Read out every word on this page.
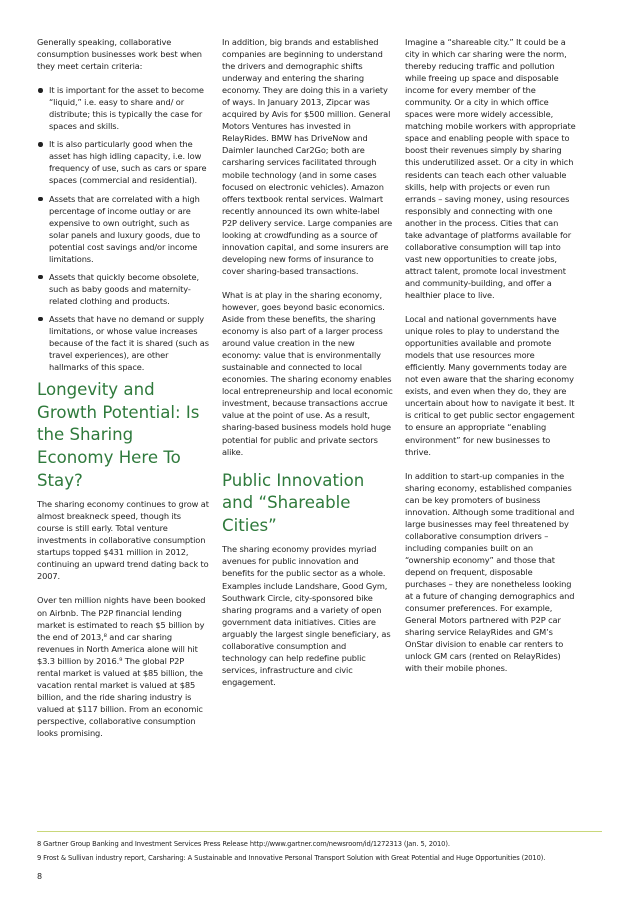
Generally speaking, collaborative consumption businesses work best when they meet certain criteria:

It is important for the asset to become “liquid,” i.e. easy to share and/ or distribute; this is typically the case for spaces and skills.
It is also particularly good when the asset has high idling capacity, i.e. low frequency of use, such as cars or spare spaces (commercial and residential).
Assets that are correlated with a high percentage of income outlay or are expensive to own outright, such as solar panels and luxury goods, due to potential cost savings and/or income limitations.
Assets that quickly become obsolete, such as baby goods and maternity-related clothing and products.
Assets that have no demand or supply limitations, or whose value increases because of the fact it is shared (such as travel experiences), are other hallmarks of this space.
Longevity and Growth Potential: Is the Sharing Economy Here To Stay?

The sharing economy continues to grow at almost breakneck speed, though its course is still early. Total venture investments in collaborative consumption startups topped $431 million in 2012, continuing an upward trend dating back to 2007.

Over ten million nights have been booked on Airbnb. The P2P financial lending market is estimated to reach $5 billion by the end of 2013,⁸ and car sharing revenues in North America alone will hit $3.3 billion by 2016.⁹ The global P2P rental market is valued at $85 billion, the vacation rental market is valued at $85 billion, and the ride sharing industry is valued at $117 billion. From an economic perspective, collaborative consumption looks promising.

In addition, big brands and established companies are beginning to understand the drivers and demographic shifts underway and entering the sharing economy. They are doing this in a variety of ways. In January 2013, Zipcar was acquired by Avis for $500 million. General Motors Ventures has invested in RelayRides. BMW has DriveNow and Daimler launched Car2Go; both are carsharing services facilitated through mobile technology (and in some cases focused on electronic vehicles). Amazon offers textbook rental services. Walmart recently announced its own white-label P2P delivery service. Large companies are looking at crowdfunding as a source of innovation capital, and some insurers are developing new forms of insurance to cover sharing-based transactions.

What is at play in the sharing economy, however, goes beyond basic economics. Aside from these benefits, the sharing economy is also part of a larger process around value creation in the new economy: value that is environmentally sustainable and connected to local economies. The sharing economy enables local entrepreneurship and local economic investment, because transactions accrue value at the point of use. As a result, sharing-based business models hold huge potential for public and private sectors alike.

Public Innovation and “Shareable Cities”

The sharing economy provides myriad avenues for public innovation and benefits for the public sector as a whole. Examples include Landshare, Good Gym, Southwark Circle, city-sponsored bike sharing programs and a variety of open government data initiatives. Cities are arguably the largest single beneficiary, as collaborative consumption and technology can help redefine public services, infrastructure and civic engagement.

Imagine a “shareable city.” It could be a city in which car sharing were the norm, thereby reducing traffic and pollution while freeing up space and disposable income for every member of the community. Or a city in which office spaces were more widely accessible, matching mobile workers with appropriate space and enabling people with space to boost their revenues simply by sharing this underutilized asset. Or a city in which residents can teach each other valuable skills, help with projects or even run errands – saving money, using resources responsibly and connecting with one another in the process. Cities that can take advantage of platforms available for collaborative consumption will tap into vast new opportunities to create jobs, attract talent, promote local investment and community-building, and offer a healthier place to live.

Local and national governments have unique roles to play to understand the opportunities available and promote models that use resources more efficiently. Many governments today are not even aware that the sharing economy exists, and even when they do, they are uncertain about how to navigate it best. It is critical to get public sector engagement to ensure an appropriate “enabling environment” for new businesses to thrive.

In addition to start-up companies in the sharing economy, established companies can be key promoters of business innovation. Although some traditional and large businesses may feel threatened by collaborative consumption drivers – including companies built on an “ownership economy” and those that depend on frequent, disposable purchases – they are nonetheless looking at a future of changing demographics and consumer preferences. For example, General Motors partnered with P2P car sharing service RelayRides and GM’s OnStar division to enable car renters to unlock GM cars (rented on RelayRides) with their mobile phones.

8 Gartner Group Banking and Investment Services Press Release http://www.gartner.com/newsroom/id/1272313 (Jan. 5, 2010).

9 Frost & Sullivan industry report, Carsharing: A Sustainable and Innovative Personal Transport Solution with Great Potential and Huge Opportunities (2010).

8
